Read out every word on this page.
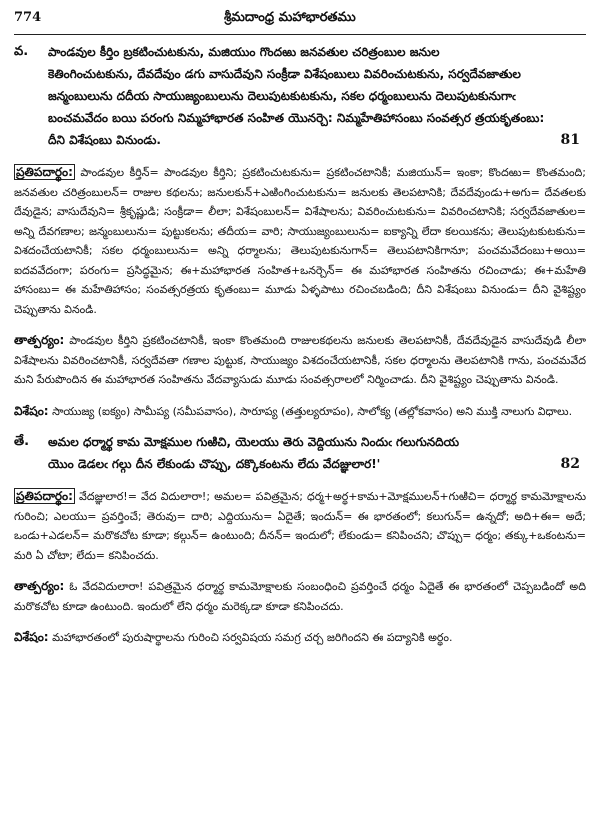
774	శ్రీమదాంధ్ర మహాభారతము
వ.	పాండవుల కీర్తిం బ్రకటించుటకును, మజియుం గొందఱు జనవతుల చరిత్రంబుల జనుల
కెతింగించుటకును, దేవదేవుం డగు వాసుదేవుని సంక్రీడా విశేషంబులు వివరించుటకును, సర్వదేవజాతుల
జన్మంబులును దదీయ సాయుజ్యంబులును దెలుపుటకుటకును, సకల ధర్మంబులును దెలుపుటకునుగాఁ
బంచమవేదం బయి పరంగు నిమ్మహాభారత సంహిత యొనర్చె: నిమ్మహేతిహాసంబు సంవత్సర త్రయకృతంబు:
దీని విశేషంబు వినుండు.	81
ప్రతిపదార్థం: పాండవుల కీర్తిన్= పాండవుల కీర్తిని; ప్రకటించుటకును= ప్రకటించటానికీ; మజియున్= ఇంకా; కొందఱు= కొంతమంది; జనవతుల చరిత్రంబులన్= రాజుల కథలను; జనులకున్+ఎఱింగించుటకును= జనులకు తెలపటానికి; దేవదేవుండు+అగు= దేవతలకు దేవుడైన; వాసుదేవుని= శ్రీకృష్ణుడి; సంక్రీడా= లీలా; విశేషంబులన్= విశేషాలను; వివరించుటకును= వివరించటానికి; సర్వదేవజాతుల= అన్ని దేవగణాల; జన్మంబులును= పుట్టుకలను; తదీయ= వారి; సాయుజ్యంబులును= ఐక్యాన్ని లేదా కలయికను; తెలుపుటకుటకును= విశదంచేయటానికీ; సకల ధర్మంబులును= అన్ని ధర్మాలను; తెలుపుటకునుగాన్= తెలుపటానికిగానూ; పంచమవేదంబు+అయి= ఐదవవేదంగా; పరంగు= ప్రసిద్ధమైన; ఈ+మహాభారత సంహిత+ఒనర్చెన్= ఈ మహాభారత సంహితను రచించాడు; ఈ+మహేతి హాసంబు= ఈ మహేతిహాసం; సంవత్సరత్రయ కృతంబు= మూడు ఏళ్ళపాటు రచించబడింది; దీని విశేషంబు వినుండు= దీని వైశిష్ట్యం చెప్పుతాను వినండి.
తాత్పర్యం: పాండవుల కీర్తిని ప్రకటించటానికీ, ఇంకా కొంతమంది రాజులకథలను జనులకు తెలపటానికీ, దేవదేవుడైన వాసుదేవుడి లీలా విశేషాలను వివరించటానికీ, సర్వదేవతా గణాల పుట్టుక, సాయుజ్యం విశదంచేయటానికీ, సకల ధర్మాలను తెలపటానికి గాను, పంచమవేద మని పేరుపొందిన ఈ మహాభారత సంహితను వేదవ్యాసుడు మూడు సంవత్సరాలలో నిర్మించాడు. దీని వైశిష్ట్యం చెప్పుతాను వినండి.
విశేషం: సాయుజ్య (ఐక్యం) సామీప్య (సమీపవాసం), సారూప్య (తత్తుల్యరూపం), సాలోక్య (తల్లోకవాసం) అని ముక్తి నాలుగు విధాలు.
తే.	అమల ధర్మార్థ కామ మోక్షముల గుఱిచి, యెలయు తెరు వెద్దియును నిందుఁ గలుగునదియ
యొం డెడలఁ గల్గు దీన లేకుండు చొప్పు, దక్కొకంటను లేదు వేదజ్ఞులార!'	82
ప్రతిపదార్థం: వేదజ్ఞులార!= వేద విదులారా!; అమల= పవిత్రమైన; ధర్మ+అర్థ+కామ+మోక్షములన్+గుఱిచి= ధర్మార్థ కామమోక్షాలను గురించి; ఎలయు= ప్రవర్తించే; తెరువు= దారి; ఎద్దియును= ఏదైతే; ఇందున్= ఈ భారతంలో; కలుగున్= ఉన్నదో; అది+ఈ= అదే; ఒండు+ఎడలన్= మరొకచోట కూడా; కల్గున్= ఉంటుంది; దీనన్= ఇందులో; లేకుండు= కనిపించని; చొప్పు= ధర్మం; తక్కు+ఒకంటను= మరి ఏ చోటా; లేదు= కనిపించదు.
తాత్పర్యం: ఓ వేదవిదులారా! పవిత్రమైన ధర్మార్థ కామమోక్షాలకు సంబంధించి ప్రవర్తించే ధర్మం ఏదైతే ఈ భారతంలో చెప్పబడిందో అది మరొకచోట కూడా ఉంటుంది. ఇందులో లేని ధర్మం మరెక్కడా కూడా కనిపించదు.
విశేషం: మహాభారతంలో పురుషార్థాలను గురించి సర్వవిషయ సమగ్ర చర్చ జరిగిందని ఈ పద్యానికి అర్థం.
